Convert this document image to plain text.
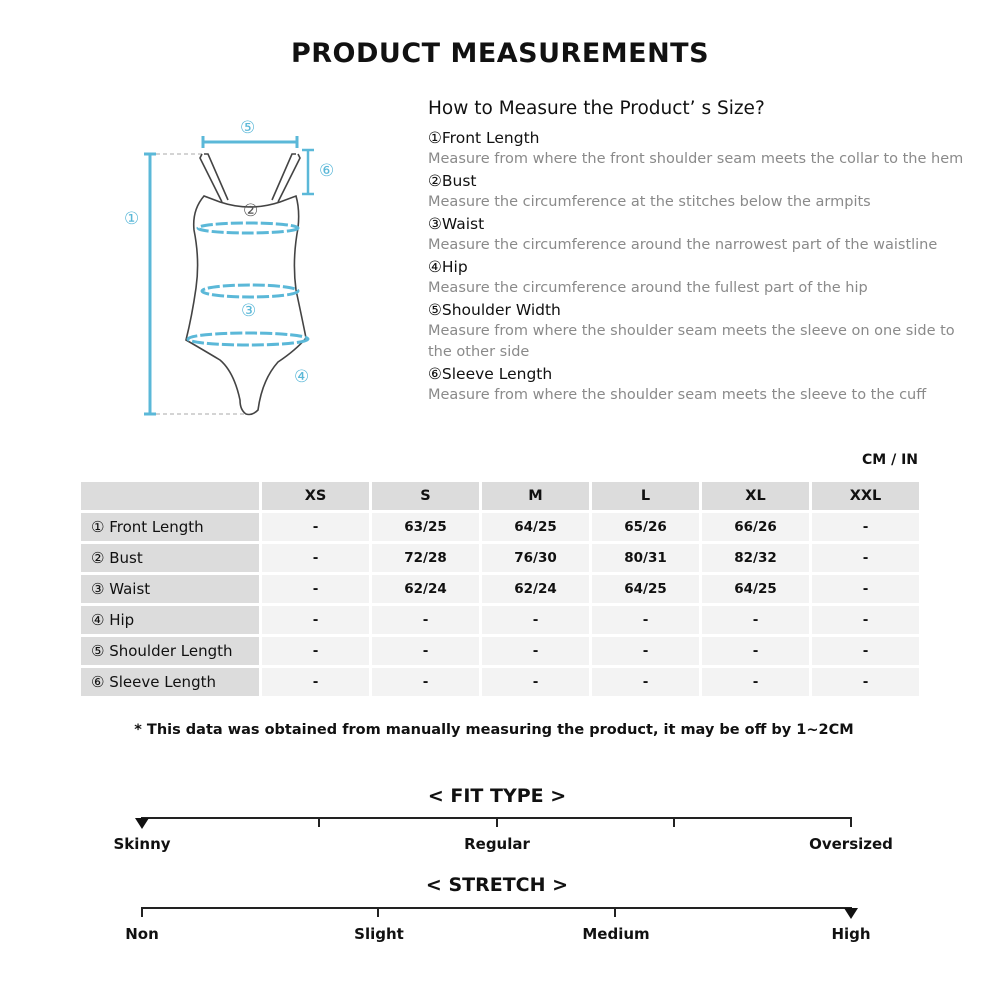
PRODUCT MEASUREMENTS
①	②
③
④
⑤
⑥
How to Measure the Product’ s Size?
①Front Length
Measure from where the front shoulder seam meets the collar to the hem
②Bust
Measure the circumference at the stitches below the armpits
③Waist
Measure the circumference around the narrowest part of the waistline
④Hip
Measure the circumference around the fullest part of the hip
⑤Shoulder Width
Measure from where the shoulder seam meets the sleeve on one side to the other side
⑥Sleeve Length
Measure from where the shoulder seam meets the sleeve to the cuff
CM / IN
	XS	S	M	L	XL	XXL
① Front Length	-	63/25	64/25	65/26	66/26	-
② Bust	-	72/28	76/30	80/31	82/32	-
③ Waist	-	62/24	62/24	64/25	64/25	-
④ Hip	-	-	-	-	-	-
⑤ Shoulder Length	-	-	-	-	-	-
⑥ Sleeve Length	-	-	-	-	-	-
* This data was obtained from manually measuring the product, it may be off by 1~2CM
< FIT TYPE >
Skinny	Regular	Oversized
< STRETCH >
Non	Slight	Medium	High
